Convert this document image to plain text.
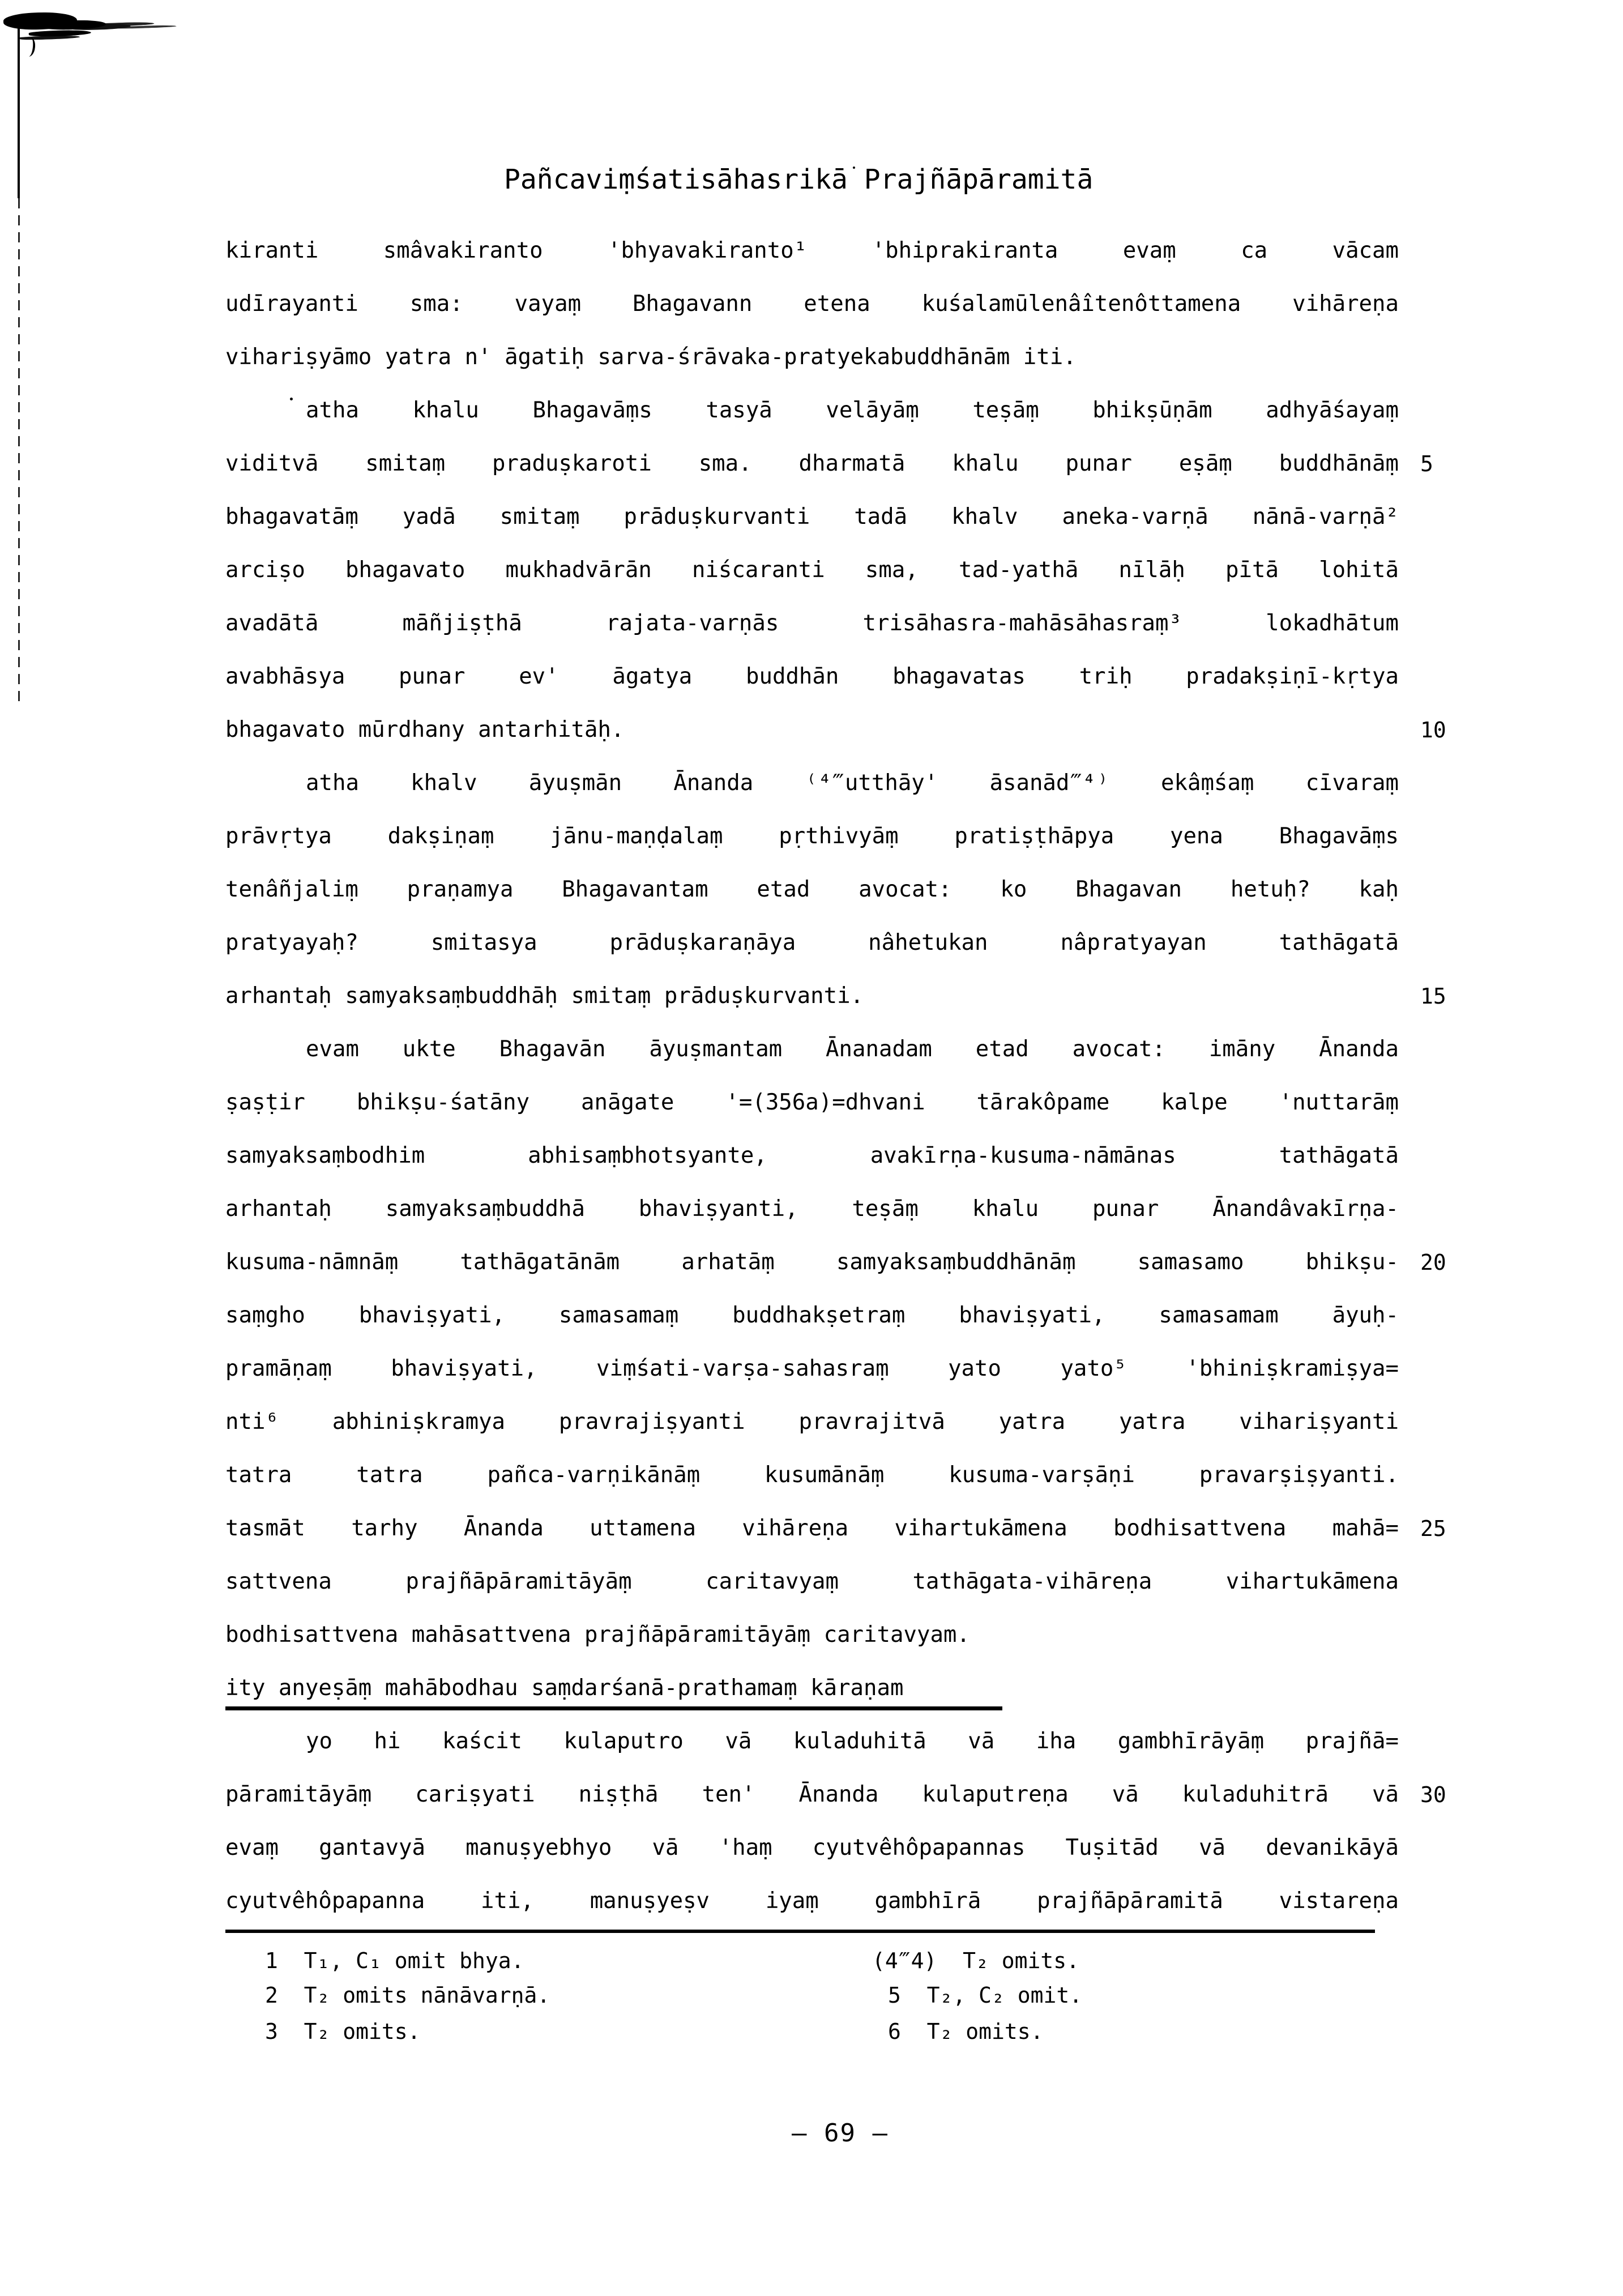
Pañcaviṃśatisāhasrikā Prajñāpāramitā
kiranti smâvakiranto 'bhyavakiranto¹ 'bhiprakiranta evaṃ ca vācam
udīrayanti sma: vayaṃ Bhagavann etena kuśalamūlenâîtenôttamena vihāreṇa
vihariṣyāmo yatra n' āgatiḥ sarva-śrāvaka-pratyekabuddhānām iti.
atha khalu Bhagavāṃs tasyā velāyāṃ teṣāṃ bhikṣūṇām adhyāśayaṃ
viditvā smitaṃ praduṣkaroti sma. dharmatā khalu punar eṣāṃ buddhānāṃ
bhagavatāṃ yadā smitaṃ prāduṣkurvanti tadā khalv aneka-varṇā nānā-varṇā²
arciṣo bhagavato mukhadvārān niścaranti sma, tad-yathā nīlāḥ pītā lohitā
avadātā māñjiṣṭhā rajata-varṇās trisāhasra-mahāsāhasraṃ³ lokadhātum
avabhāsya punar ev' āgatya buddhān bhagavatas triḥ pradakṣiṇī-kṛtya
bhagavato mūrdhany antarhitāḥ.
atha khalv āyuṣmān Ānanda ⁽⁴‴utthāy' āsanād‴⁴⁾ ekâṃśaṃ cīvaraṃ
prāvṛtya dakṣiṇaṃ jānu-maṇḍalaṃ pṛthivyāṃ pratiṣṭhāpya yena Bhagavāṃs
tenâñjaliṃ praṇamya Bhagavantam etad avocat: ko Bhagavan hetuḥ? kaḥ
pratyayaḥ? smitasya prāduṣkaraṇāya nâhetukan nâpratyayan tathāgatā
arhantaḥ samyaksaṃbuddhāḥ smitaṃ prāduṣkurvanti.
evam ukte Bhagavān āyuṣmantam Ānanadam etad avocat: imāny Ānanda
ṣaṣṭir bhikṣu-śatāny anāgate '=(356a)=dhvani tārakôpame kalpe 'nuttarāṃ
samyaksaṃbodhim abhisaṃbhotsyante, avakīrṇa-kusuma-nāmānas tathāgatā
arhantaḥ samyaksaṃbuddhā bhaviṣyanti, teṣāṃ khalu punar Ānandâvakīrṇa-
kusuma-nāmnāṃ tathāgatānām arhatāṃ samyaksaṃbuddhānāṃ samasamo bhikṣu-
saṃgho bhaviṣyati, samasamaṃ buddhakṣetraṃ bhaviṣyati, samasamam āyuḥ-
pramāṇaṃ bhaviṣyati, viṃśati-varṣa-sahasraṃ yato yato⁵ 'bhiniṣkramiṣya=
nti⁶ abhiniṣkramya pravrajiṣyanti pravrajitvā yatra yatra vihariṣyanti
tatra tatra pañca-varṇikānāṃ kusumānāṃ kusuma-varṣāṇi pravarṣiṣyanti.
tasmāt tarhy Ānanda uttamena vihāreṇa vihartukāmena bodhisattvena mahā=
sattvena prajñāpāramitāyāṃ caritavyaṃ tathāgata-vihāreṇa vihartukāmena
bodhisattvena mahāsattvena prajñāpāramitāyāṃ caritavyam.
ity anyeṣāṃ mahābodhau saṃdarśanā-prathamaṃ kāraṇam
yo hi kaścit kulaputro vā kuladuhitā vā iha gambhīrāyāṃ prajñā=
pāramitāyāṃ cariṣyati niṣṭhā ten' Ānanda kulaputreṇa vā kuladuhitrā vā
evaṃ gantavyā manuṣyebhyo vā 'haṃ cyutvêhôpapannas Tuṣitād vā devanikāyā
cyutvêhôpapanna iti, manuṣyeṣv iyaṃ gambhīrā prajñāpāramitā vistareṇa
5
10
15
20
25
30
1  T₁, C₁ omit bhya.	(4‴4)  T₂ omits.
2  T₂ omits nānāvarṇā.	5  T₂, C₂ omit.
3  T₂ omits.	6  T₂ omits.
— 69 —
